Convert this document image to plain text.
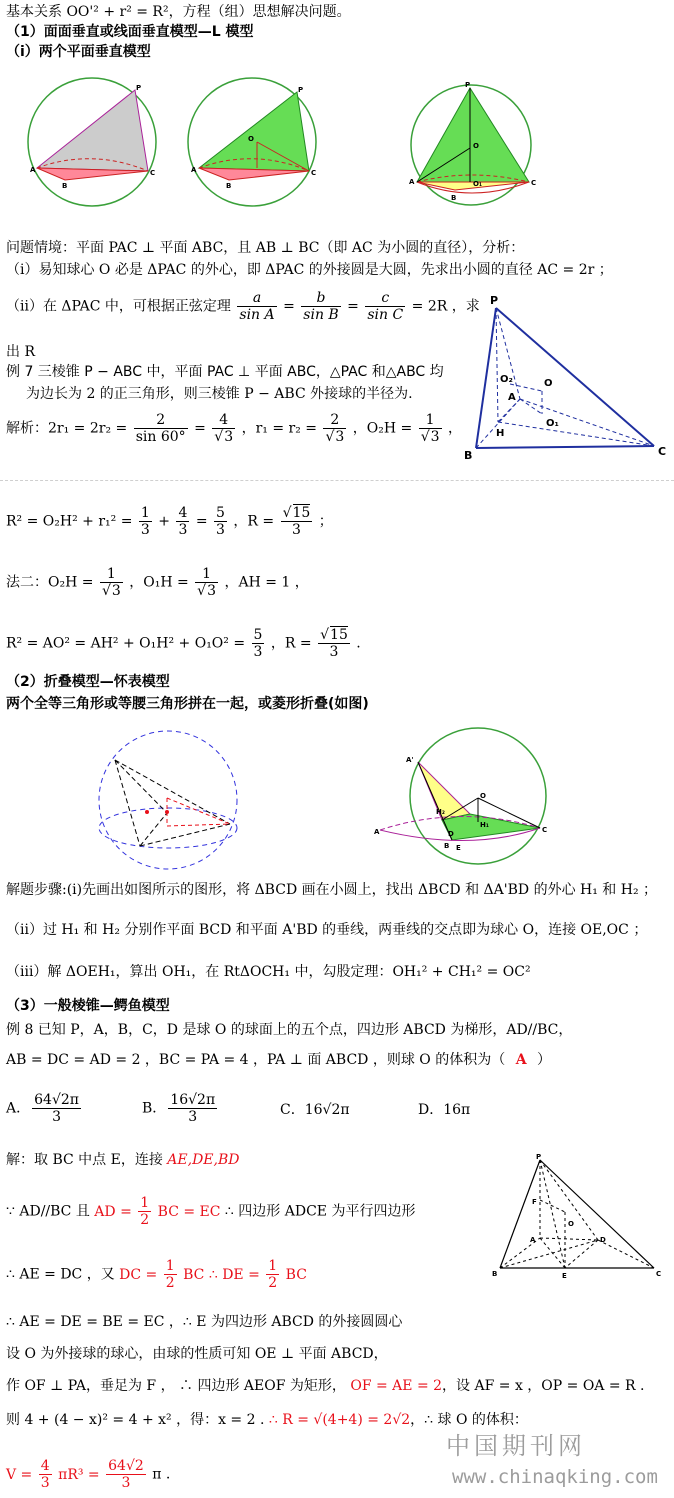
基本关系 OO'² + r² = R²，方程（组）思想解决问题。
（1）面面垂直或线面垂直模型—L 模型
（ⅰ）两个平面垂直模型
P
A
B
C
O
P
A
B
C
P
O
O₁
A
B
C
问题情境：平面 PAC ⊥ 平面 ABC，且 AB ⊥ BC（即 AC 为小圆的直径），分析：
（ⅰ）易知球心 O 必是 ΔPAC 的外心，即 ΔPAC 的外接圆是大圆，先求出小圆的直径 AC = 2r ；
（ⅱ）在 ΔPAC 中，可根据正弦定理 $\frac{a}{\text{sin A}} = \frac{b}{\text{sin B}} = \frac{c}{\text{sin C}} = 2R$ ，求
出 R
例 7 三棱锥 P − ABC 中，平面 PAC ⊥ 平面 ABC，△PAC 和△ABC 均
为边长为 2 的正三角形，则三棱锥 P − ABC 外接球的半径为.
解析：$2r_1 = 2r_2 = \frac{2}{\sin 60^\circ} = \frac{4}{√3}$ ，$r_1 = r_2 = \frac{2}{√3}$ ，$O_2H = \frac{1}{√3}$ ，
P
O₂	O
A
O₁
H
B	C
$R^2 = O_2H^2 + r_1^2 = \frac{1}{3} + \frac{4}{3} = \frac{5}{3}$ ，$R = \frac{√15}{3}$ ；
法二：$O_2H = \frac{1}{√3}$ ，$O_1H = \frac{1}{√3}$ ，AH = 1 ，
$R^2 = AO^2 = AH^2 + O_1H^2 + O_1O^2 = \frac{5}{3}$ ，$R = \frac{√15}{3}$ .
（2）折叠模型—怀表模型
两个全等三角形或等腰三角形拼在一起，或菱形折叠(如图)
A'
O
H₂
H₁
A	D
E
B
C
解题步骤:(ⅰ)先画出如图所示的图形，将 ΔBCD 画在小圆上，找出 ΔBCD 和 ΔA'BD 的外心 H₁ 和 H₂ ；
（ⅱ）过 H₁ 和 H₂ 分别作平面 BCD 和平面 A'BD 的垂线，两垂线的交点即为球心 O，连接 OE,OC ；
（ⅲ）解 ΔOEH₁，算出 OH₁，在 RtΔOCH₁ 中，勾股定理：OH₁² + CH₁² = OC²
（3）一般棱锥—鳄鱼模型
例 8 已知 P，A，B，C，D 是球 O 的球面上的五个点，四边形 ABCD 为梯形，AD//BC，
AB = DC = AD = 2 ，BC = PA = 4 ，PA ⊥ 面 ABCD ，则球 O 的体积为（ A ）
A． $\frac{64√2\pi}{3}$	B． $\frac{16√2\pi}{3}$	C．16√2π	D．16π
解：取 BC 中点 E，连接 AE,DE,BD
∵ AD//BC 且 AD = $\frac{1}{2}$ BC = EC ∴ 四边形 ADCE 为平行四边形
∴ AE = DC ，又 DC = $\frac{1}{2}$ BC ∴ DE = $\frac{1}{2}$ BC
P
F
O
A	D
B	E	C
∴ AE = DE = BE = EC ，∴ E 为四边形 ABCD 的外接圆圆心
设 O 为外接球的球心，由球的性质可知 OE ⊥ 平面 ABCD，
作 OF ⊥ PA，垂足为 F ， ∴ 四边形 AEOF 为矩形， OF = AE = 2，设 AF = x ，OP = OA = R .
则 4 + (4 − x)² = 4 + x² ，得：x = 2 . ∴ R = √(4+4) = 2√2，∴ 球 O 的体积：
$V = \frac{4}{3} \pi R^3 = \frac{64√2}{3}$ π .
中国期刊网
www.chinaqking.com
